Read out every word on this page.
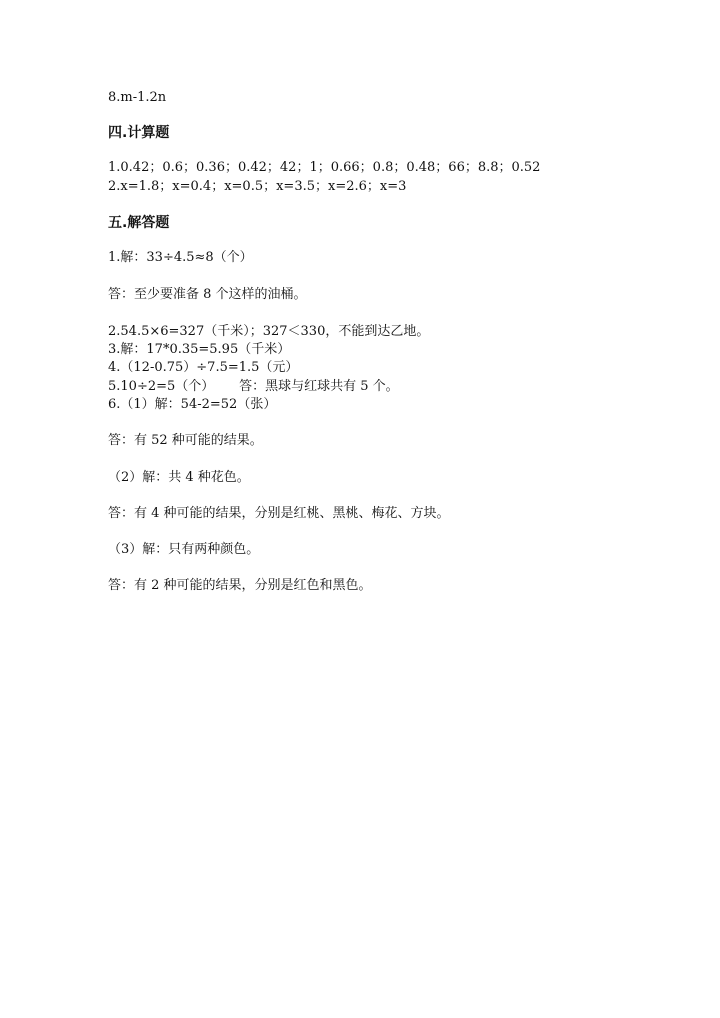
8.m-1.2n
四.计算题
1.0.42；0.6；0.36；0.42；42；1；0.66；0.8；0.48；66；8.8；0.52
2.x=1.8；x=0.4；x=0.5；x=3.5；x=2.6；x=3
五.解答题
1.解：33÷4.5≈8（个）
答：至少要准备 8 个这样的油桶。
2.54.5×6=327（千米）；327＜330，不能到达乙地。
3.解：17*0.35=5.95（千米）
4.（12-0.75）÷7.5=1.5（元）
5.10÷2=5（个）      答：黑球与红球共有 5 个。
6.（1）解：54-2=52（张）
答：有 52 种可能的结果。
（2）解：共 4 种花色。
答：有 4 种可能的结果，分别是红桃、黑桃、梅花、方块。
（3）解：只有两种颜色。
答：有 2 种可能的结果，分别是红色和黑色。
